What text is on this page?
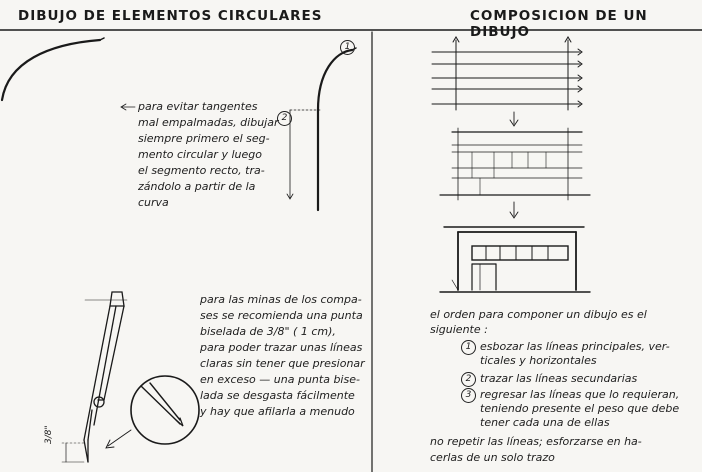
DIBUJO DE ELEMENTOS CIRCULARES	COMPOSICION DE UN DIBUJO
1
2
para evitar tangentes
mal empalmadas, dibujar
siempre primero el seg-
mento circular y luego
el segmento recto, tra-
zándolo a partir de la
curva
para las minas de los compa-
ses se recomienda una punta
biselada de 3/8" ( 1 cm),
para poder trazar unas líneas
claras sin tener que presionar
en exceso — una punta bise-
lada se desgasta fácilmente
y hay que afilarla a menudo
3/8"
el orden para componer un dibujo es el
siguiente :
1 esbozar las líneas principales, ver-
ticales y horizontales
2 trazar las líneas secundarias
3 regresar las líneas que lo requieran,
teniendo presente el peso que debe
tener cada una de ellas
no repetir las líneas; esforzarse en ha-
cerlas de un solo trazo
